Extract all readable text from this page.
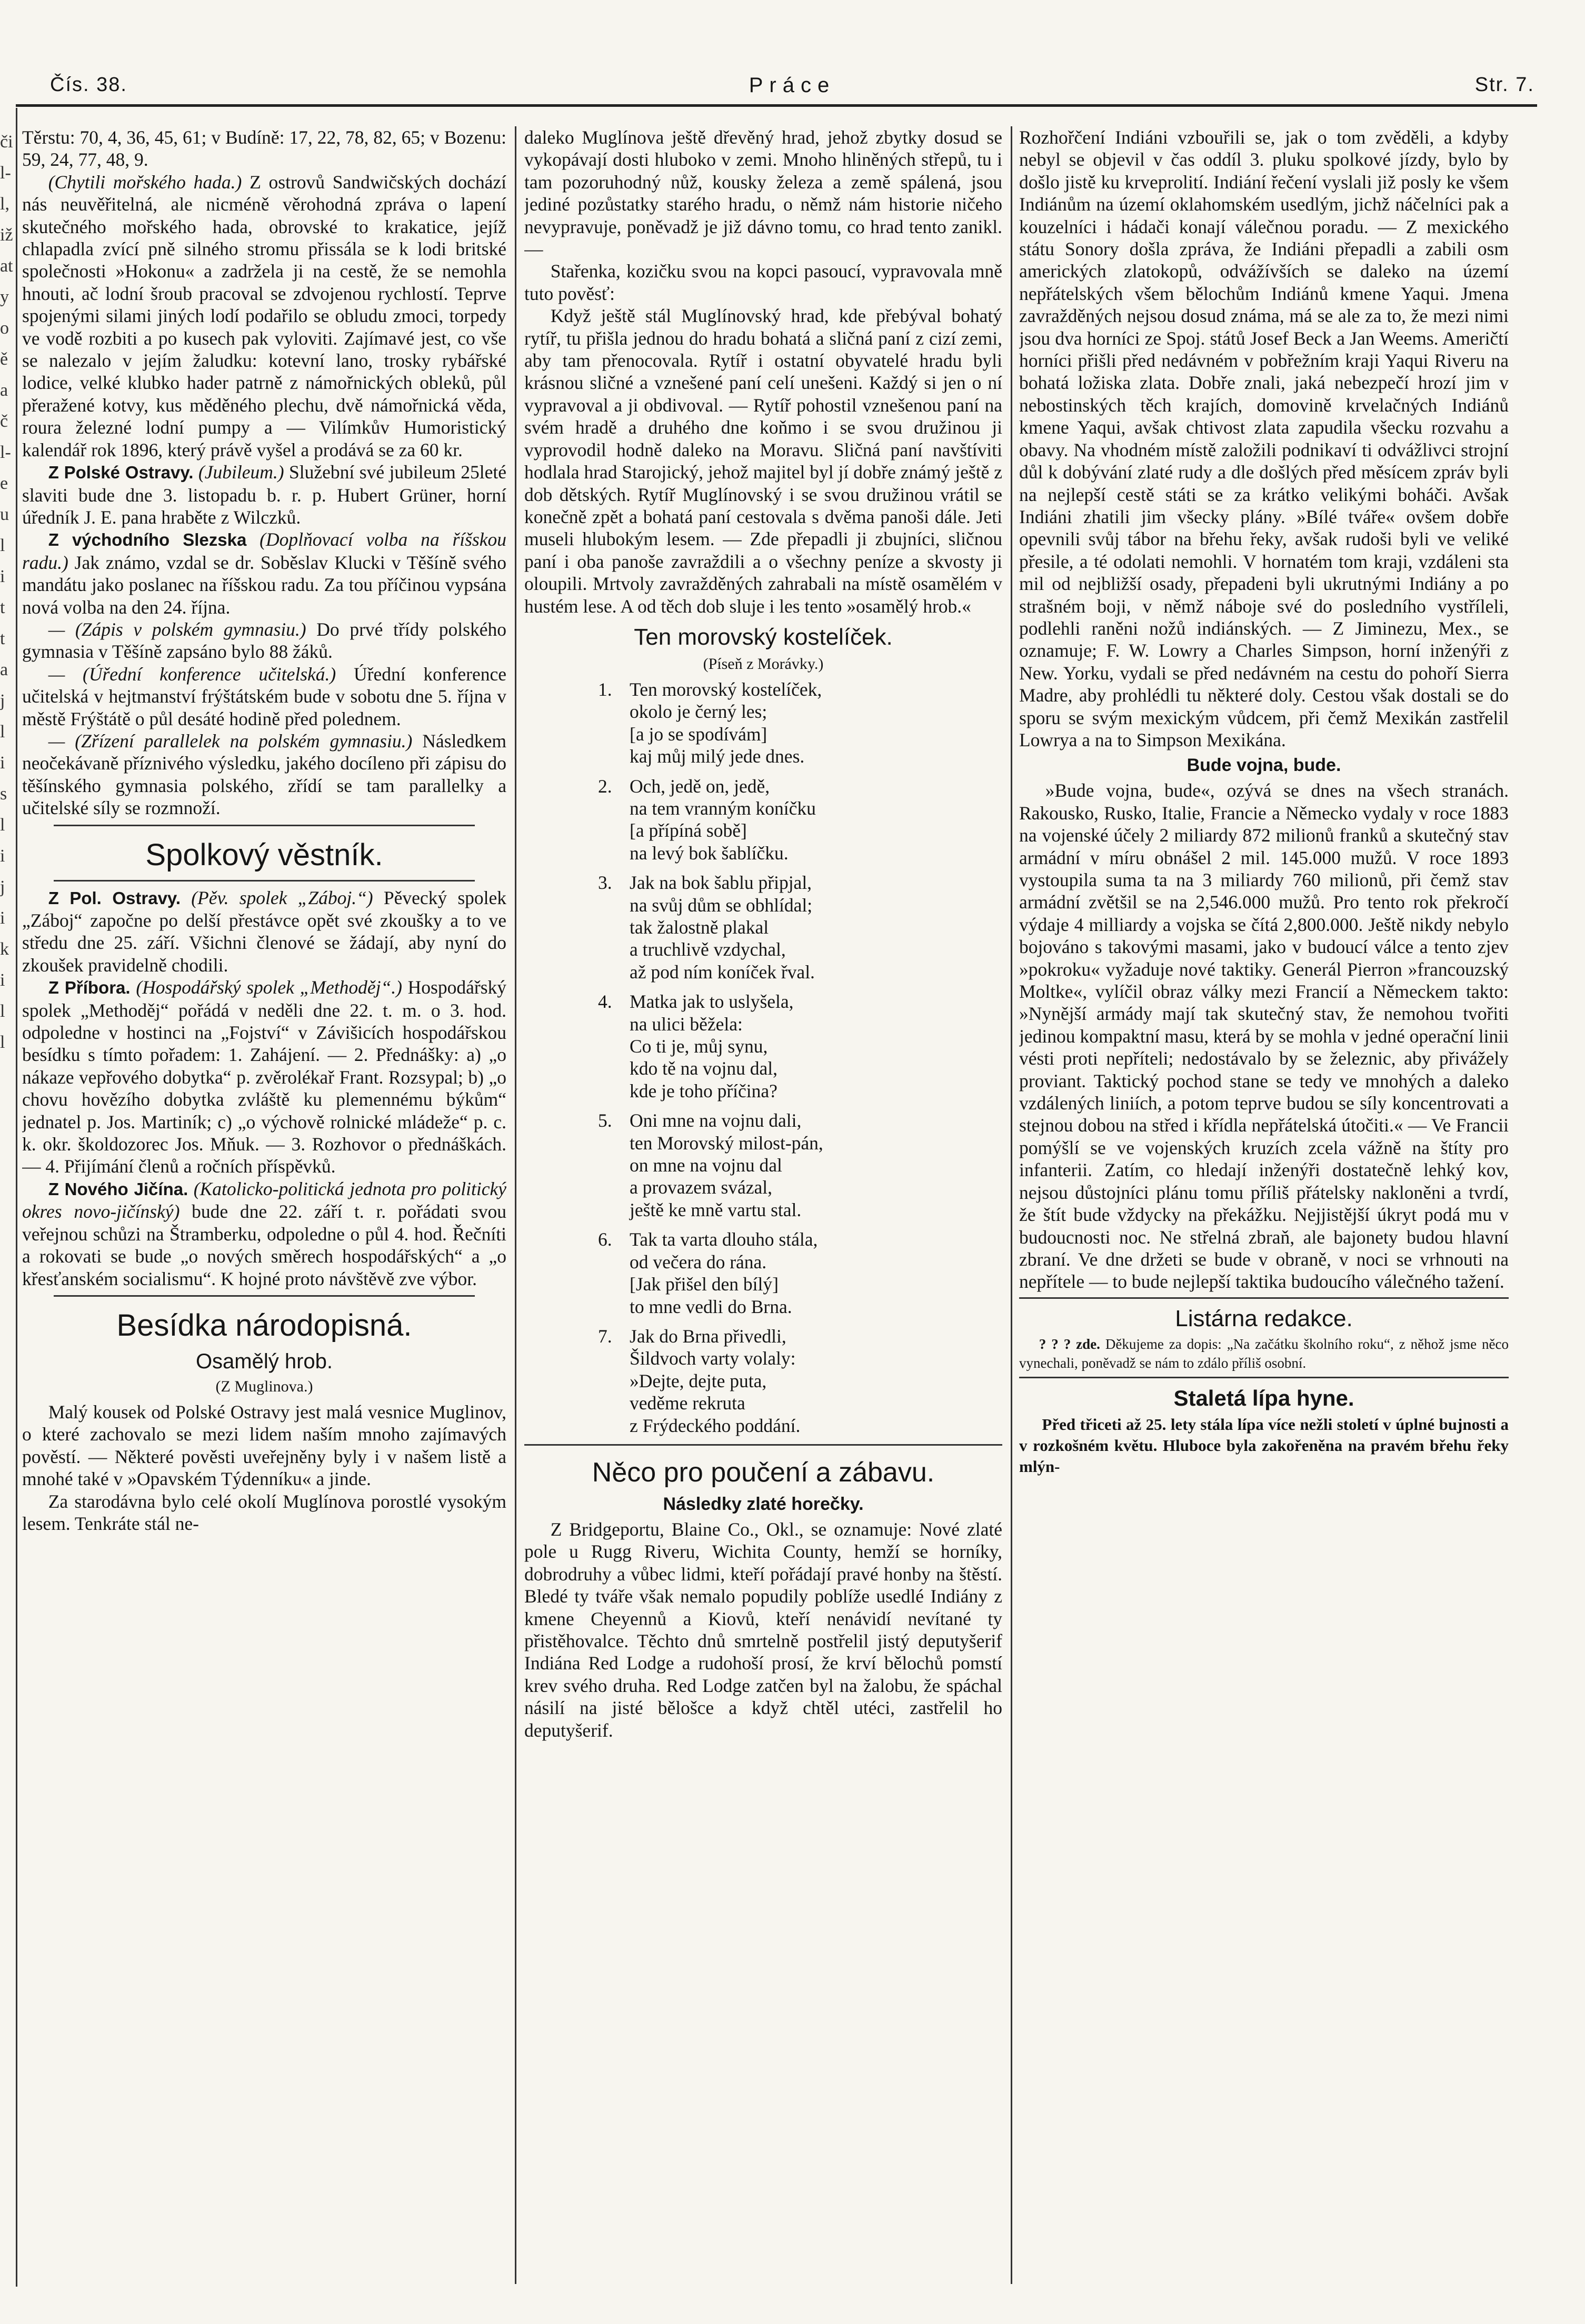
Čís. 38.	Práce	Str. 7.
či
l-
l,
iž
at
y
o
ě
a
č
l-
e
u
l
i
t
t
a
j
l
i
s
l
i
j
i
k
i
l
l

Těrstu: 70, 4, 36, 45, 61; v Budíně: 17, 22, 78, 82, 65; v Bozenu: 59, 24, 77, 48, 9.

(Chytili mořského hada.) Z ostrovů Sandwičských dochází nás neuvěřitelná, ale nicméně věrohodná zpráva o lapení skutečného mořského hada, obrovské to krakatice, jejíž chlapadla zvící pně silného stromu přissála se k lodi britské společnosti »Hokonu« a zadržela ji na cestě, že se nemohla hnouti, ač lodní šroub pracoval se zdvojenou rychlostí. Teprve spojenými silami jiných lodí podařilo se obludu zmoci, torpedy ve vodě rozbiti a po kusech pak vyloviti. Zajímavé jest, co vše se nalezalo v jejím žaludku: kotevní lano, trosky rybářské lodice, velké klubko hader patrně z námořnických obleků, půl přeražené kotvy, kus měděného plechu, dvě námořnická věda, roura železné lodní pumpy a — Vilímkův Humoristický kalendář rok 1896, který právě vyšel a prodává se za 60 kr.

Z Polské Ostravy. (Jubileum.) Služební své jubileum 25leté slaviti bude dne 3. listopadu b. r. p. Hubert Grüner, horní úředník J. E. pana hraběte z Wilczků.

Z východního Slezska (Doplňovací volba na říšskou radu.) Jak známo, vzdal se dr. Soběslav Klucki v Těšíně svého mandátu jako poslanec na říšskou radu. Za tou příčinou vypsána nová volba na den 24. října.

— (Zápis v polském gymnasiu.) Do prvé třídy polského gymnasia v Těšíně zapsáno bylo 88 žáků.

— (Úřední konference učitelská.) Úřední konference učitelská v hejtmanství frýštátském bude v sobotu dne 5. října v městě Frýštátě o půl desáté hodině před polednem.

— (Zřízení parallelek na polském gymnasiu.) Následkem neočekávaně příznivého výsledku, jakého docíleno při zápisu do těšínského gymnasia polského, zřídí se tam parallelky a učitelské síly se rozmnoží.

Spolkový věstník.

Z Pol. Ostravy. (Pěv. spolek „Záboj.“) Pěvecký spolek „Záboj“ započne po delší přestávce opět své zkoušky a to ve středu dne 25. září. Všichni členové se žádají, aby nyní do zkoušek pravidelně chodili.

Z Příbora. (Hospodářský spolek „Methoděj“.) Hospodářský spolek „Methoděj“ pořádá v neděli dne 22. t. m. o 3. hod. odpoledne v hostinci na „Fojství“ v Závišicích hospodářskou besídku s tímto pořadem: 1. Zahájení. — 2. Přednášky: a) „o nákaze vepřového dobytka“ p. zvěrolékař Frant. Rozsypal; b) „o chovu hovězího dobytka zvláště ku plemennému býkům“ jednatel p. Jos. Martiník; c) „o výchově rolnické mládeže“ p. c. k. okr. školdozorec Jos. Mňuk. — 3. Rozhovor o přednáškách. — 4. Přijímání členů a ročních příspěvků.

Z Nového Jičína. (Katolicko-politická jednota pro politický okres novo-jičínský) bude dne 22. září t. r. pořádati svou veřejnou schůzi na Štramberku, odpoledne o půl 4. hod. Řečníti a rokovati se bude „o nových směrech hospodářských“ a „o křesťanském socialismu“. K hojné proto návštěvě zve výbor.

Besídka národopisná.
Osamělý hrob.
(Z Muglinova.)

Malý kousek od Polské Ostravy jest malá vesnice Muglinov, o které zachovalo se mezi lidem naším mnoho zajímavých pověstí. — Některé pověsti uveřejněny byly i v našem listě a mnohé také v »Opavském Týdenníku« a jinde.

Za starodávna bylo celé okolí Muglínova porostlé vysokým lesem. Tenkráte stál ne-

daleko Muglínova ještě dřevěný hrad, jehož zbytky dosud se vykopávají dosti hluboko v zemi. Mnoho hliněných střepů, tu i tam pozoruhodný nůž, kousky železa a země spálená, jsou jediné pozůstatky starého hradu, o němž nám historie ničeho nevypravuje, poněvadž je již dávno tomu, co hrad tento zanikl. —

Stařenka, kozičku svou na kopci pasoucí, vypravovala mně tuto pověsť:

Když ještě stál Muglínovský hrad, kde přebýval bohatý rytíř, tu přišla jednou do hradu bohatá a sličná paní z cizí zemi, aby tam přenocovala. Rytíř i ostatní obyvatelé hradu byli krásnou sličné a vznešené paní celí unešeni. Každý si jen o ní vypravoval a ji obdivoval. — Rytíř pohostil vznešenou paní na svém hradě a druhého dne koňmo i se svou družinou ji vyprovodil hodně daleko na Moravu. Sličná paní navštíviti hodlala hrad Starojický, jehož majitel byl jí dobře známý ještě z dob dětských. Rytíř Muglínovský i se svou družinou vrátil se konečně zpět a bohatá paní cestovala s dvěma panoši dále. Jeti museli hlubokým lesem. — Zde přepadli ji zbujníci, sličnou paní i oba panoše zavraždili a o všechny peníze a skvosty ji oloupili. Mrtvoly zavražděných zahrabali na místě osamělém v hustém lese. A od těch dob sluje i les tento »osamělý hrob.«

Ten morovský kostelíček.
(Píseň z Morávky.)
1. Ten morovský kostelíček,
okolo je černý les;
[a jo se spodívám]
kaj můj milý jede dnes.
2. Och, jedě on, jedě,
na tem vranným koníčku
[a přípíná sobě]
na levý bok šablíčku.
3. Jak na bok šablu připjal,
na svůj dům se obhlídal;
tak žalostně plakal
a truchlivě vzdychal,
až pod ním koníček řval.
4. Matka jak to uslyšela,
na ulici běžela:
Co ti je, můj synu,
kdo tě na vojnu dal,
kde je toho příčina?
5. Oni mne na vojnu dali,
ten Morovský milost-pán,
on mne na vojnu dal
a provazem svázal,
ještě ke mně vartu stal.
6. Tak ta varta dlouho stála,
od večera do rána.
[Jak přišel den bílý]
to mne vedli do Brna.
7. Jak do Brna přivedli,
Šildvoch varty volaly:
»Dejte, dejte puta,
veděme rekruta
z Frýdeckého poddání.
Něco pro poučení a zábavu.
Následky zlaté horečky.

Z Bridgeportu, Blaine Co., Okl., se oznamuje: Nové zlaté pole u Rugg Riveru, Wichita County, hemží se horníky, dobrodruhy a vůbec lidmi, kteří pořádají pravé honby na štěstí. Bledé ty tváře však nemalo popudily poblíže usedlé Indiány z kmene Cheyennů a Kiovů, kteří nenávidí nevítané ty přistěhovalce. Těchto dnů smrtelně postřelil jistý deputyšerif Indiána Red Lodge a rudohoší prosí, že krví bělochů pomstí krev svého druha. Red Lodge zatčen byl na žalobu, že spáchal násilí na jisté bělošce a když chtěl utéci, zastřelil ho deputyšerif.

Rozhořčení Indiáni vzbouřili se, jak o tom zvěděli, a kdyby nebyl se objevil v čas oddíl 3. pluku spolkové jízdy, bylo by došlo jistě ku krveprolití. Indiání řečení vyslali již posly ke všem Indiánům na území oklahomském usedlým, jichž náčelníci pak a kouzelníci i hádači konají válečnou poradu. — Z mexického státu Sonory došla zpráva, že Indiáni přepadli a zabili osm amerických zlatokopů, odvážívších se daleko na území nepřátelských všem bělochům Indiánů kmene Yaqui. Jmena zavražděných nejsou dosud známa, má se ale za to, že mezi nimi jsou dva horníci ze Spoj. států Josef Beck a Jan Weems. Američtí horníci přišli před nedávném v pobřežním kraji Yaqui Riveru na bohatá ložiska zlata. Dobře znali, jaká nebezpečí hrozí jim v nebostinských těch krajích, domovině krvelačných Indiánů kmene Yaqui, avšak chtivost zlata zapudila všecku rozvahu a obavy. Na vhodném místě založili podnikaví ti odvážlivci strojní důl k dobývání zlaté rudy a dle došlých před měsícem zpráv byli na nejlepší cestě státi se za krátko velikými boháči. Avšak Indiáni zhatili jim všecky plány. »Bílé tváře« ovšem dobře opevnili svůj tábor na břehu řeky, avšak rudoši byli ve veliké přesile, a té odolati nemohli. V hornatém tom kraji, vzdáleni sta mil od nejbližší osady, přepadeni byli ukrutnými Indiány a po strašném boji, v němž náboje své do posledního vystříleli, podlehli raněni nožů indiánských. — Z Jiminezu, Mex., se oznamuje; F. W. Lowry a Charles Simpson, horní inženýři z New. Yorku, vydali se před nedávném na cestu do pohoří Sierra Madre, aby prohlédli tu některé doly. Cestou však dostali se do sporu se svým mexickým vůdcem, při čemž Mexikán zastřelil Lowrya a na to Simpson Mexikána.

Bude vojna, bude.

»Bude vojna, bude«, ozývá se dnes na všech stranách. Rakousko, Rusko, Italie, Francie a Německo vydaly v roce 1883 na vojenské účely 2 miliardy 872 milionů franků a skutečný stav armádní v míru obnášel 2 mil. 145.000 mužů. V roce 1893 vystoupila suma ta na 3 miliardy 760 milionů, při čemž stav armádní zvětšil se na 2,546.000 mužů. Pro tento rok překročí výdaje 4 milliardy a vojska se čítá 2,800.000. Ještě nikdy nebylo bojováno s takovými masami, jako v budoucí válce a tento zjev »pokroku« vyžaduje nové taktiky. Generál Pierron »francouzský Moltke«, vylíčil obraz války mezi Francií a Německem takto: »Nynější armády mají tak skutečný stav, že nemohou tvořiti jedinou kompaktní masu, která by se mohla v jedné operační linii vésti proti nepříteli; nedostávalo by se železnic, aby přivážely proviant. Taktický pochod stane se tedy ve mnohých a daleko vzdálených liniích, a potom teprve budou se síly koncentrovati a stejnou dobou na střed i křídla nepřátelská útočiti.« — Ve Francii pomýšlí se ve vojenských kruzích zcela vážně na štíty pro infanterii. Zatím, co hledají inženýři dostatečně lehký kov, nejsou důstojníci plánu tomu příliš přátelsky nakloněni a tvrdí, že štít bude vždycky na překážku. Nejjistější úkryt podá mu v budoucnosti noc. Ne střelná zbraň, ale bajonety budou hlavní zbraní. Ve dne držeti se bude v obraně, v noci se vrhnouti na nepřítele — to bude nejlepší taktika budoucího válečného tažení.

Listárna redakce.

? ? ? zde. Děkujeme za dopis: „Na začátku školního roku“, z něhož jsme něco vynechali, poněvadž se nám to zdálo příliš osobní.

Staletá lípa hyne.

Před třiceti až 25. lety stála lípa více nežli století v úplné bujnosti a v rozkošném květu. Hluboce byla zakořeněna na pravém břehu řeky mlýn-
